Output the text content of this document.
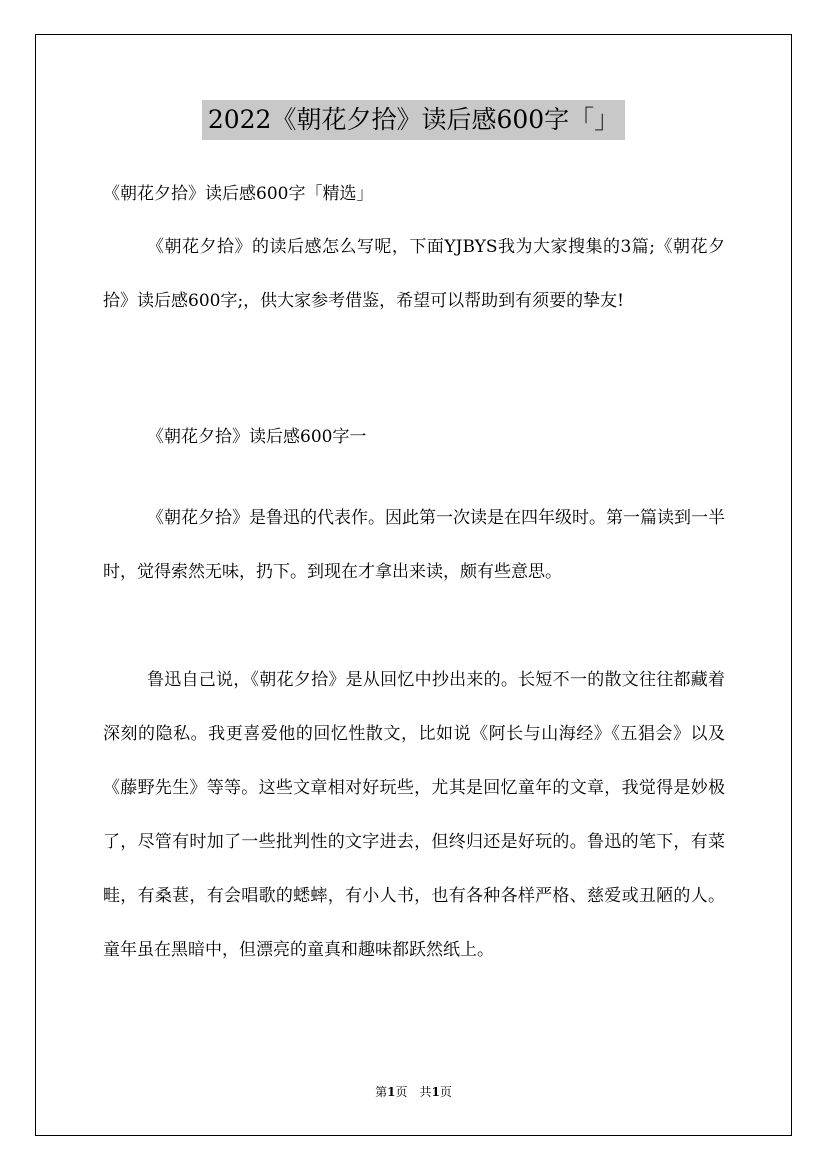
2022《朝花夕拾》读后感600字「」
《朝花夕拾》读后感600字「精选」

《朝花夕拾》的读后感怎么写呢，下面YJBYS我为大家搜集的3篇;《朝花夕拾》读后感600字;，供大家参考借鉴，希望可以帮助到有须要的挚友!

《朝花夕拾》读后感600字一

《朝花夕拾》是鲁迅的代表作。因此第一次读是在四年级时。第一篇读到一半时，觉得索然无味，扔下。到现在才拿出来读，颇有些意思。

鲁迅自己说，《朝花夕拾》是从回忆中抄出来的。长短不一的散文往往都藏着深刻的隐私。我更喜爱他的回忆性散文，比如说《阿长与山海经》《五猖会》以及《藤野先生》等等。这些文章相对好玩些，尤其是回忆童年的文章，我觉得是妙极了，尽管有时加了一些批判性的文字进去，但终归还是好玩的。鲁迅的笔下，有菜畦，有桑葚，有会唱歌的蟋蟀，有小人书，也有各种各样严格、慈爱或丑陋的人。童年虽在黑暗中，但漂亮的童真和趣味都跃然纸上。

第1页　共1页
